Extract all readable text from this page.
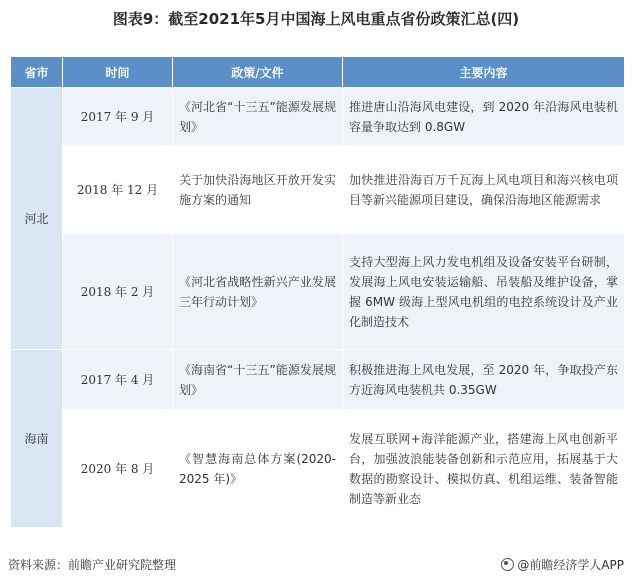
图表9：截至2021年5月中国海上风电重点省份政策汇总(四)
省市	时间	政策/文件	主要内容
河北	2017 年 9 月	《河北省“十三五”能源发展规划》	推进唐山沿海风电建设，到 2020 年沿海风电装机容量争取达到 0.8GW
	2018 年 12 月	关于加快沿海地区开放开发实施方案的通知	加快推进沿海百万千瓦海上风电项目和海兴核电项目等新兴能源项目建设，确保沿海地区能源需求
	2018 年 2 月	《河北省战略性新兴产业发展三年行动计划》	支持大型海上风力发电机组及设备安装平台研制，发展海上风电安装运输船、吊装船及维护设备，掌握 6MW 级海上型风电机组的电控系统设计及产业化制造技术
海南	2017 年 4 月	《海南省“十三五”能源发展规划》	积极推进海上风电发展，至 2020 年，争取投产东方近海风电装机共 0.35GW
	2020 年 8 月	《智慧海南总体方案(2020-2025 年)》	发展互联网+海洋能源产业，搭建海上风电创新平台，加强波浪能装备创新和示范应用，拓展基于大数据的勘察设计、模拟仿真、机组运维、装备智能制造等新业态
资料来源：前瞻产业研究院整理	@前瞻经济学人APP
